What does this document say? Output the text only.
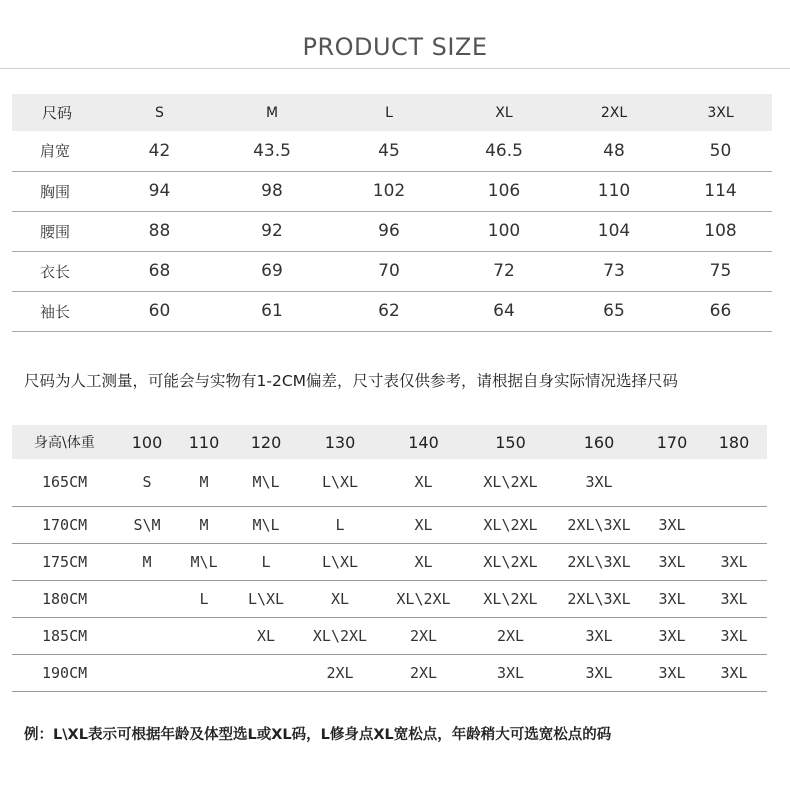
PRODUCT SIZE
尺码	S	M	L	XL	2XL	3XL
肩宽	42	43.5	45	46.5	48	50
胸围	94	98	102	106	110	114
腰围	88	92	96	100	104	108
衣长	68	69	70	72	73	75
袖长	60	61	62	64	65	66
尺码为人工测量，可能会与实物有1-2CM偏差，尺寸表仅供参考，请根据自身实际情况选择尺码
身高\体重	100	110	120	130	140	150	160	170	180
165CM	S	M	M\L	L\XL	XL	XL\2XL	3XL		
170CM	S\M	M	M\L	L	XL	XL\2XL	2XL\3XL	3XL	
175CM	M	M\L	L	L\XL	XL	XL\2XL	2XL\3XL	3XL	3XL
180CM		L	L\XL	XL	XL\2XL	XL\2XL	2XL\3XL	3XL	3XL
185CM			XL	XL\2XL	2XL	2XL	3XL	3XL	3XL
190CM				2XL	2XL	3XL	3XL	3XL	3XL
例：L\XL表示可根据年龄及体型选L或XL码，L修身点XL宽松点，年龄稍大可选宽松点的码
